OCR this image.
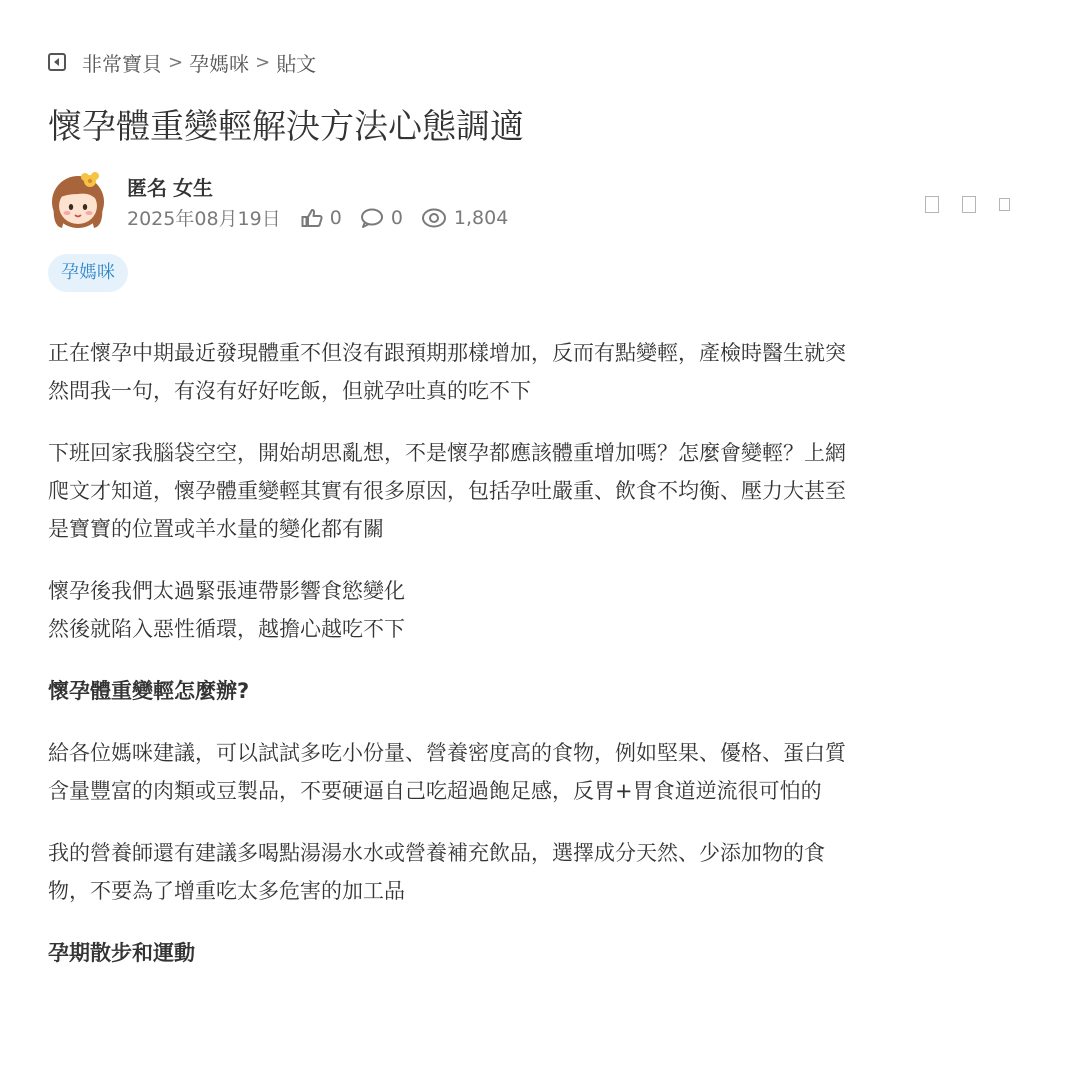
非常寶貝 > 孕媽咪 > 貼文
懷孕體重變輕解決方法心態調適
匿名 女生
2025年08月19日	0	0	1,804
孕媽咪

正在懷孕中期最近發現體重不但沒有跟預期那樣增加，反而有點變輕，產檢時醫生就突
然問我一句，有沒有好好吃飯，但就孕吐真的吃不下

下班回家我腦袋空空，開始胡思亂想，不是懷孕都應該體重增加嗎？怎麼會變輕？上網
爬文才知道，懷孕體重變輕其實有很多原因，包括孕吐嚴重、飲食不均衡、壓力大甚至
是寶寶的位置或羊水量的變化都有關

懷孕後我們太過緊張連帶影響食慾變化
然後就陷入惡性循環，越擔心越吃不下

懷孕體重變輕怎麼辦?

給各位媽咪建議，可以試試多吃小份量、營養密度高的食物，例如堅果、優格、蛋白質
含量豐富的肉類或豆製品，不要硬逼自己吃超過飽足感，反胃+胃食道逆流很可怕的

我的營養師還有建議多喝點湯湯水水或營養補充飲品，選擇成分天然、少添加物的食
物，不要為了增重吃太多危害的加工品

孕期散步和運動
